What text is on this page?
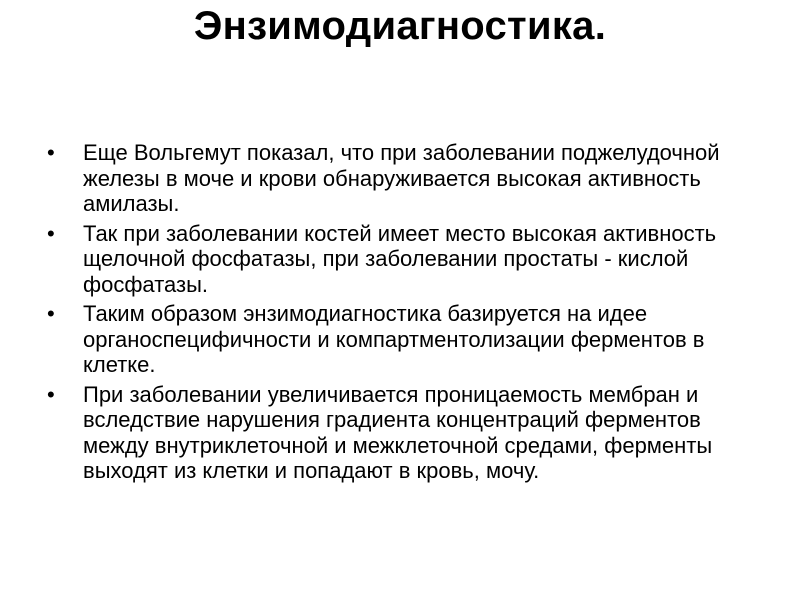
Энзимодиагностика.
• Еще Вольгемут показал, что при заболевании поджелудочной железы в моче и крови обнаруживается высокая активность амилазы.
• Так при заболевании костей имеет место высокая активность щелочной фосфатазы, при заболевании простаты - кислой фосфатазы.
• Таким образом энзимодиагностика базируется на идее органоспецифичности и компартментолизации ферментов в клетке.
• При заболевании увеличивается проницаемость мембран и вследствие нарушения градиента концентраций ферментов между внутриклеточной и межклеточной средами, ферменты выходят из клетки и попадают в кровь, мочу.
